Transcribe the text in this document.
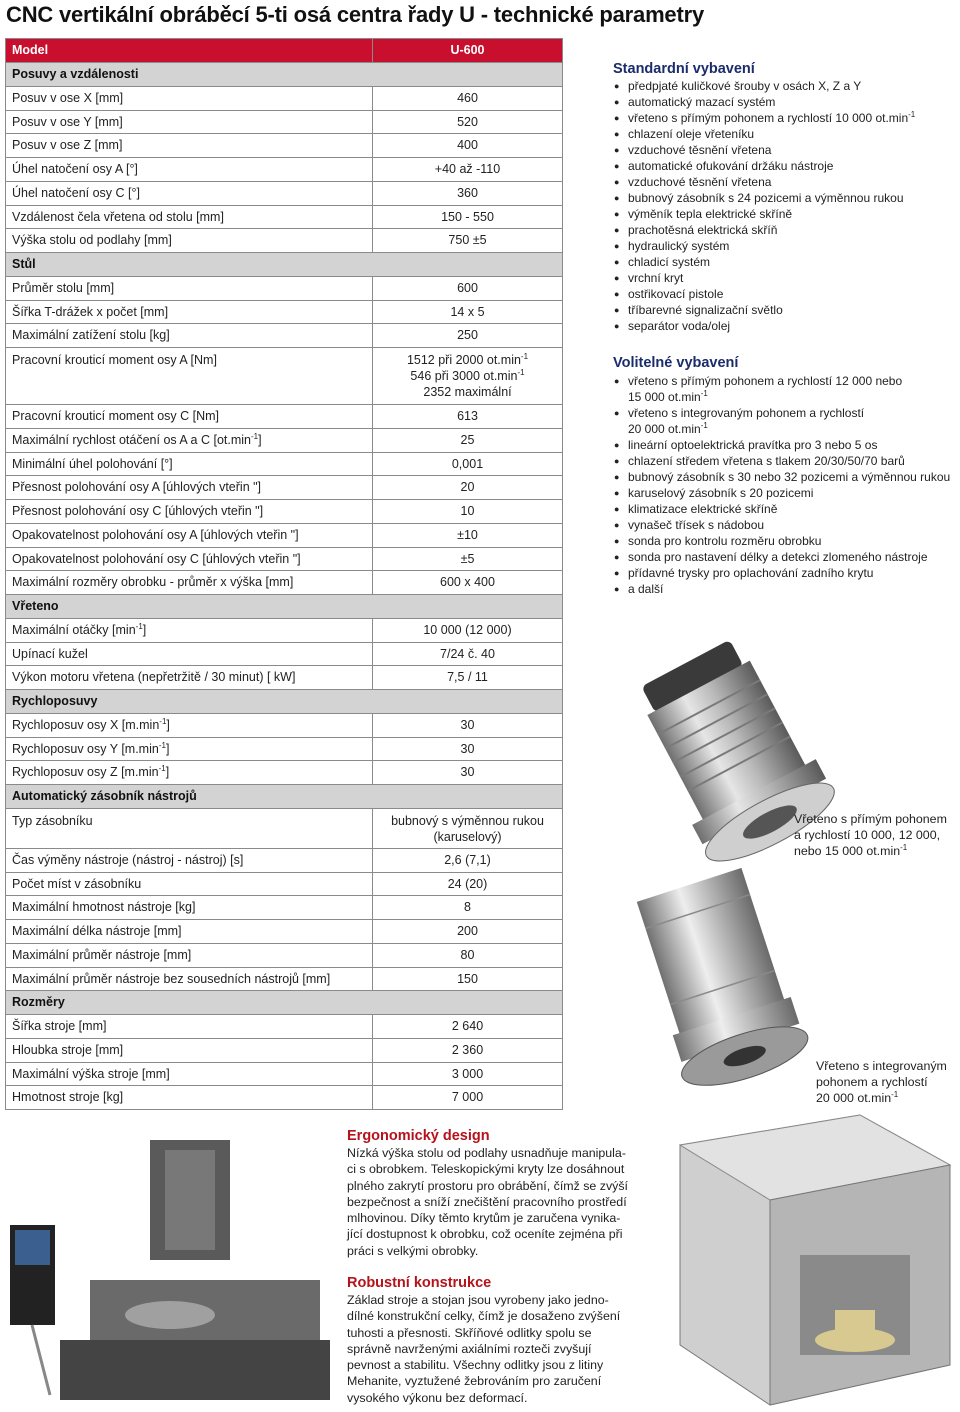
CNC vertikální obráběcí 5-ti osá centra řady U - technické parametry
Model	U-600
Posuvy a vzdálenosti	
Posuv v ose X [mm]	460
Posuv v ose Y [mm]	520
Posuv v ose Z [mm]	400
Úhel natočení osy A [°]	+40 až -110
Úhel natočení osy C [°]	360
Vzdálenost čela vřetena od stolu [mm]	150 - 550
Výška stolu od podlahy [mm]	750 ±5
Stůl	
Průměr stolu [mm]	600
Šířka T-drážek x počet [mm]	14 x 5
Maximální zatížení stolu [kg]	250
Pracovní krouticí moment osy A [Nm]	1512 při 2000 $ot.\min^{-1}$
546 při 3000 $ot.\min^{-1}$
2352 maximální

Pracovní krouticí moment osy C [Nm]	613
Maximální rychlost otáčení os A a C $[ot.\min^{-1}]$	25
Minimální úhel polohování [°]	0,001
Přesnost polohování osy A [úhlových vteřin "]	20
Přesnost polohování osy C [úhlových vteřin "]	10
Opakovatelnost polohování osy A [úhlových vteřin "]	±10
Opakovatelnost polohování osy C [úhlových vteřin "]	±5
Maximální rozměry obrobku - průměr x výška [mm]	600 x 400
Vřeteno	
Maximální otáčky $[\min^{-1}]$	10 000 (12 000)
Upínací kužel	7/24 č. 40
Výkon motoru vřetena (nepřetržitě / 30 minut) [ kW]	7,5 / 11
Rychloposuvy	
Rychloposuv osy X $[m.\min^{-1}]$	30
Rychloposuv osy Y $[m.\min^{-1}]$	30
Rychloposuv osy Z $[m.\min^{-1}]$	30
Automatický zásobník nástrojů	
Typ zásobníku	bubnový s výměnnou rukou
(karuselový)

Čas výměny nástroje (nástroj - nástroj) [s]	2,6 (7,1)
Počet míst v zásobníku	24 (20)
Maximální hmotnost nástroje [kg]	8
Maximální délka nástroje [mm]	200
Maximální průměr nástroje [mm]	80
Maximální průměr nástroje bez sousedních nástrojů [mm]	150
Rozměry	
Šířka stroje [mm]	2 640
Hloubka stroje [mm]	2 360
Maximální výška stroje [mm]	3 000
Hmotnost stroje [kg]	7 000
Standardní vybavení
● předpjaté kuličkové šrouby v osách X, Z a Y
● automatický mazací systém
● vřeteno s přímým pohonem a rychlostí 10 000 $ot.\min^{-1}$
● chlazení oleje vřeteníku
● vzduchové těsnění vřetena
● automatické ofukování držáku nástroje
● vzduchové těsnění vřetena
● bubnový zásobník s 24 pozicemi a výměnnou rukou
● výměník tepla elektrické skříně
● prachotěsná elektrická skříň
● hydraulický systém
● chladicí systém
● vrchní kryt
● ostřikovací pistole
● tříbarevné signalizační světlo
● separátor voda/olej
Volitelné vybavení
● vřeteno s přímým pohonem a rychlostí 12 000 nebo
15 000 $ot.\min^{-1}$
● vřeteno s integrovaným pohonem a rychlostí
20 000 $ot.\min^{-1}$
● lineární optoelektrická pravítka pro 3 nebo 5 os
● chlazení středem vřetena s tlakem 20/30/50/70 barů
● bubnový zásobník s 30 nebo 32 pozicemi a výměnnou rukou
● karuselový zásobník s 20 pozicemi
● klimatizace elektrické skříně
● vynašeč třísek s nádobou
● sonda pro kontrolu rozměru obrobku
● sonda pro nastavení délky a detekci zlomeného nástroje
● přídavné trysky pro oplachování zadního krytu
● a další
Vřeteno s přímým pohonem
a rychlostí 10 000, 12 000,
nebo 15 000 $ot.\min^{-1}$
Vřeteno s integrovaným
pohonem a rychlostí
20 000 $ot.\min^{-1}$
Ergonomický design
Nízká výška stolu od podlahy usnadňuje manipula-
ci s obrobkem. Teleskopickými kryty lze dosáhnout
plného zakrytí prostoru pro obrábění, čímž se zvýší
bezpečnost a sníží znečištění pracovního prostředí
mlhovinou. Díky těmto krytům je zaručena vynika-
jící dostupnost k obrobku, což oceníte zejména při
práci s velkými obrobky.
Robustní konstrukce
Základ stroje a stojan jsou vyrobeny jako jedno-
dílné konstrukční celky, čímž je dosaženo zvýšení
tuhosti a přesnosti. Skříňové odlitky spolu se
správně navrženými axiálními rozteči zvyšují
pevnost a stabilitu. Všechny odlitky jsou z litiny
Mehanite, vyztužené žebrováním pro zaručení
vysokého výkonu bez deformací.
